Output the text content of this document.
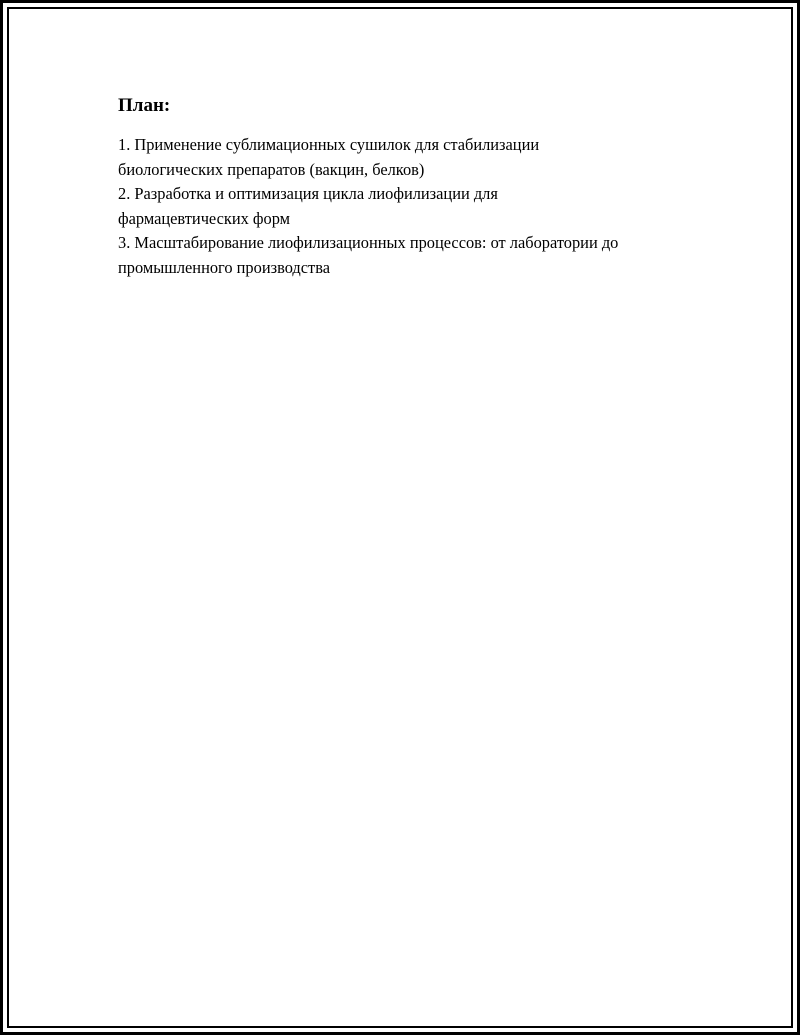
План:
1. Применение сублимационных сушилок для стабилизации
биологических препаратов (вакцин, белков)
2. Разработка и оптимизация цикла лиофилизации для
фармацевтических форм
3. Масштабирование лиофилизационных процессов: от лаборатории до
промышленного производства
